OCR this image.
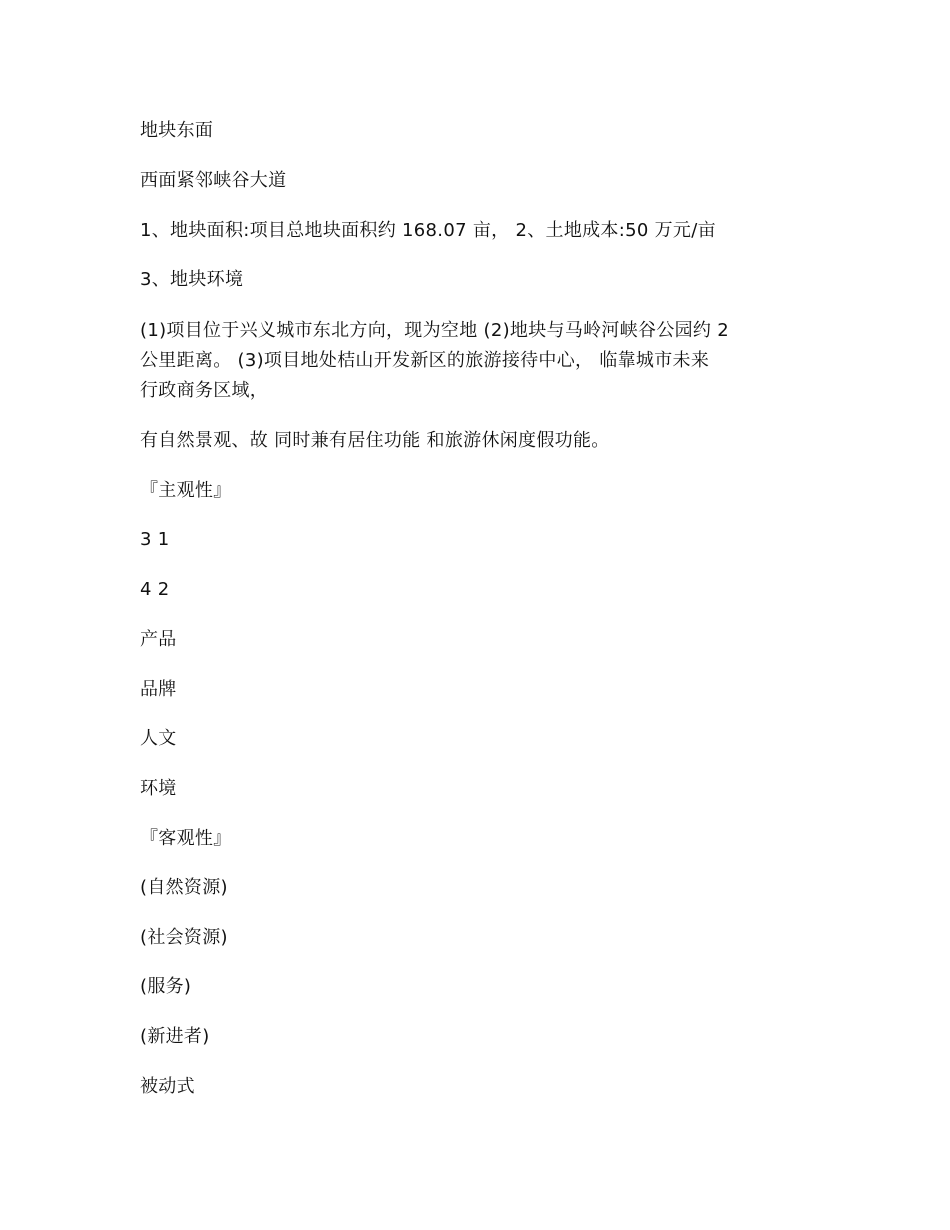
地块东面
西面紧邻峡谷大道
1、地块面积:项目总地块面积约 168.07 亩， 2、土地成本:50 万元/亩
3、地块环境
(1)项目位于兴义城市东北方向，现为空地 (2)地块与马岭河峡谷公园约 2
公里距离。 (3)项目地处桔山开发新区的旅游接待中心， 临靠城市未来
行政商务区域，
有自然景观、故 同时兼有居住功能 和旅游休闲度假功能。
『主观性』
3 1
4 2
产品
品牌
人文
环境
『客观性』
(自然资源)
(社会资源)
(服务)
(新进者)
被动式
